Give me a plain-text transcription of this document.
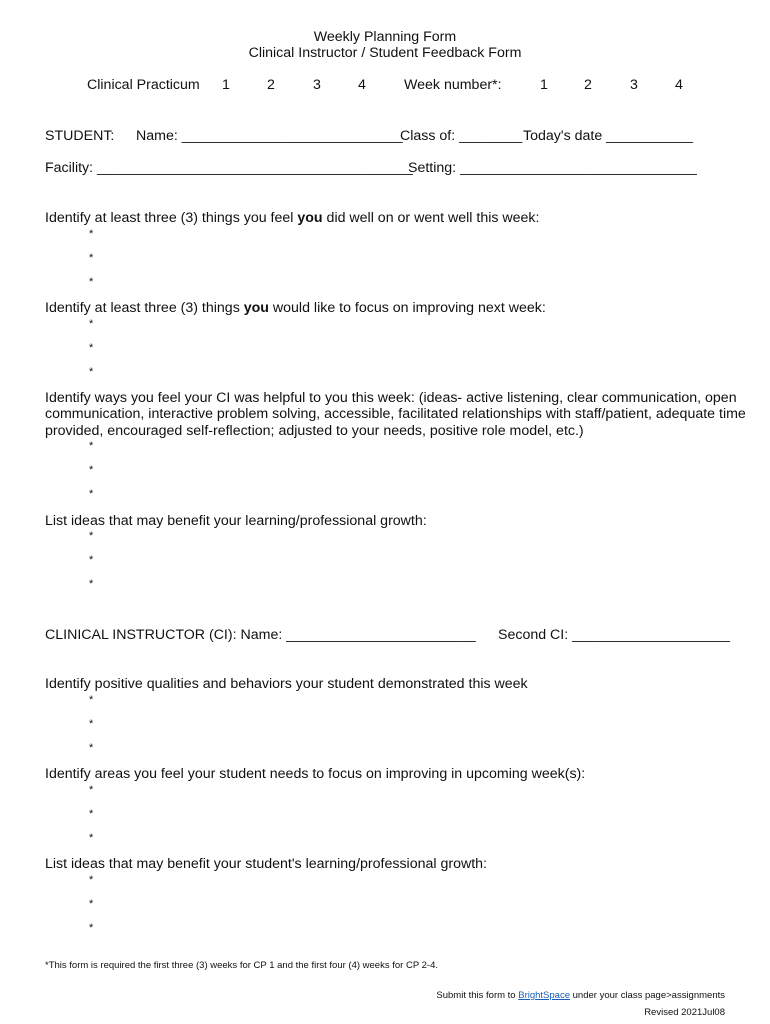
Weekly Planning Form
Clinical Instructor / Student Feedback Form
Clinical Practicum 1	2	3	4	Week number*:	1	2	3	4
STUDENT: Name: ____________________________
Class of: ________ Today's date ___________
Facility: ________________________________________
Setting: ______________________________
Identify at least three (3) things you feel you did well on or went well this week:
*
*
*
Identify at least three (3) things you would like to focus on improving next week:
*
*
*
Identify ways you feel your CI was helpful to you this week: (ideas- active listening, clear communication, open
communication, interactive problem solving, accessible, facilitated relationships with staff/patient, adequate time
provided, encouraged self-reflection; adjusted to your needs, positive role model, etc.)
*
*
*
List ideas that may benefit your learning/professional growth:
*
*
*
CLINICAL INSTRUCTOR (CI): Name: ________________________ Second CI: ____________________
Identify positive qualities and behaviors your student demonstrated this week
*
*
*
Identify areas you feel your student needs to focus on improving in upcoming week(s):
*
*
*
List ideas that may benefit your student's learning/professional growth:
*
*
*
*This form is required the first three (3) weeks for CP 1 and the first four (4) weeks for CP 2-4.
Submit this form to BrightSpace under your class page>assignments
Revised 2021Jul08
